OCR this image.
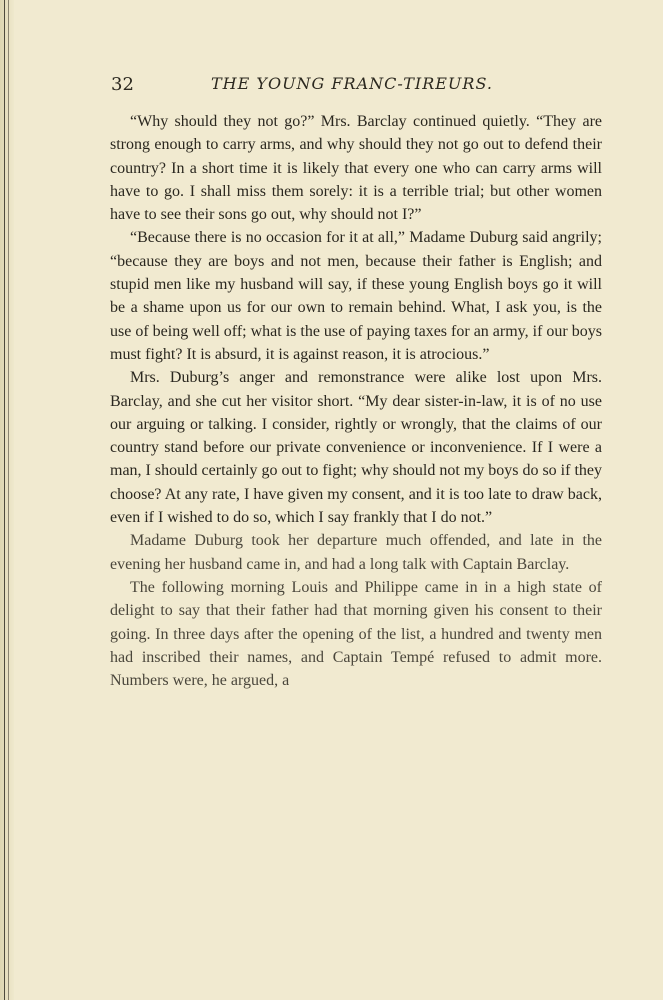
32	THE YOUNG FRANC-TIREURS.

“Why should they not go?” Mrs. Barclay continued quietly. “They are strong enough to carry arms, and why should they not go out to defend their country? In a short time it is likely that every one who can carry arms will have to go. I shall miss them sorely: it is a terrible trial; but other women have to see their sons go out, why should not I?”

“Because there is no occasion for it at all,” Madame Duburg said angrily; “because they are boys and not men, because their father is English; and stupid men like my husband will say, if these young English boys go it will be a shame upon us for our own to remain behind. What, I ask you, is the use of being well off; what is the use of paying taxes for an army, if our boys must fight? It is absurd, it is against reason, it is atrocious.”

Mrs. Duburg’s anger and remonstrance were alike lost upon Mrs. Barclay, and she cut her visitor short. “My dear sister-in-law, it is of no use our arguing or talking. I consider, rightly or wrongly, that the claims of our country stand before our private convenience or inconvenience. If I were a man, I should certainly go out to fight; why should not my boys do so if they choose? At any rate, I have given my consent, and it is too late to draw back, even if I wished to do so, which I say frankly that I do not.”

Madame Duburg took her departure much offended, and late in the evening her husband came in, and had a long talk with Captain Barclay.

The following morning Louis and Philippe came in in a high state of delight to say that their father had that morning given his consent to their going. In three days after the opening of the list, a hundred and twenty men had inscribed their names, and Captain Tempé refused to admit more. Numbers were, he argued, a
